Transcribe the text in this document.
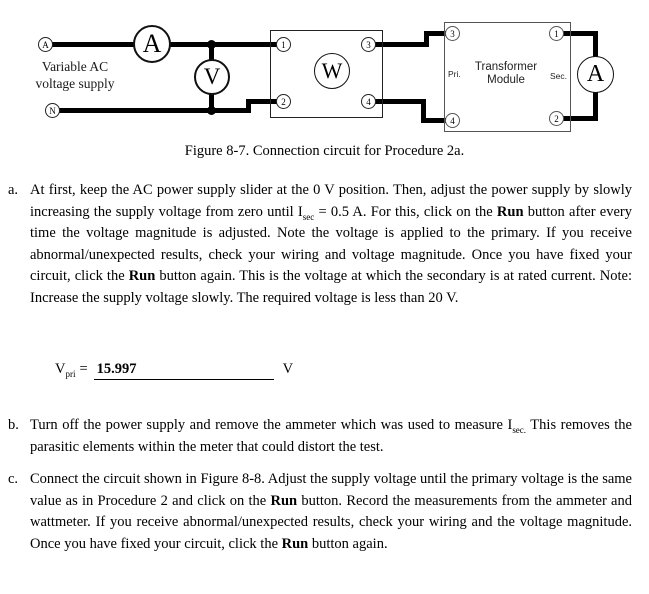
A
V	W	A
A
N
1
2
3
4
3
4
1
2
Variable AC
voltage supply
Pri.
Transformer
Module	Sec.
Figure 8-7. Connection circuit for Procedure 2a.
a. At first, keep the AC power supply slider at the 0 V position. Then, adjust the power supply by slowly increasing the supply voltage from zero until $I_{sec} = 0.5$ A. For this, click on the Run button after every time the voltage magnitude is adjusted. Note the voltage is applied to the primary. If you receive abnormal/unexpected results, check your wiring and voltage magnitude. Once you have fixed your circuit, click the Run button again. This is the voltage at which the secondary is at rated current. Note: Increase the supply voltage slowly. The required voltage is less than 20 V.
$V_{pri} = 15.997$	V
b. Turn off the power supply and remove the ammeter which was used to measure $I_{sec.}$ This removes the parasitic elements within the meter that could distort the test.
c. Connect the circuit shown in Figure 8-8. Adjust the supply voltage until the primary voltage is the same value as in Procedure 2 and click on the Run button. Record the measurements from the ammeter and wattmeter. If you receive abnormal/unexpected results, check your wiring and the voltage magnitude. Once you have fixed your circuit, click the Run button again.
